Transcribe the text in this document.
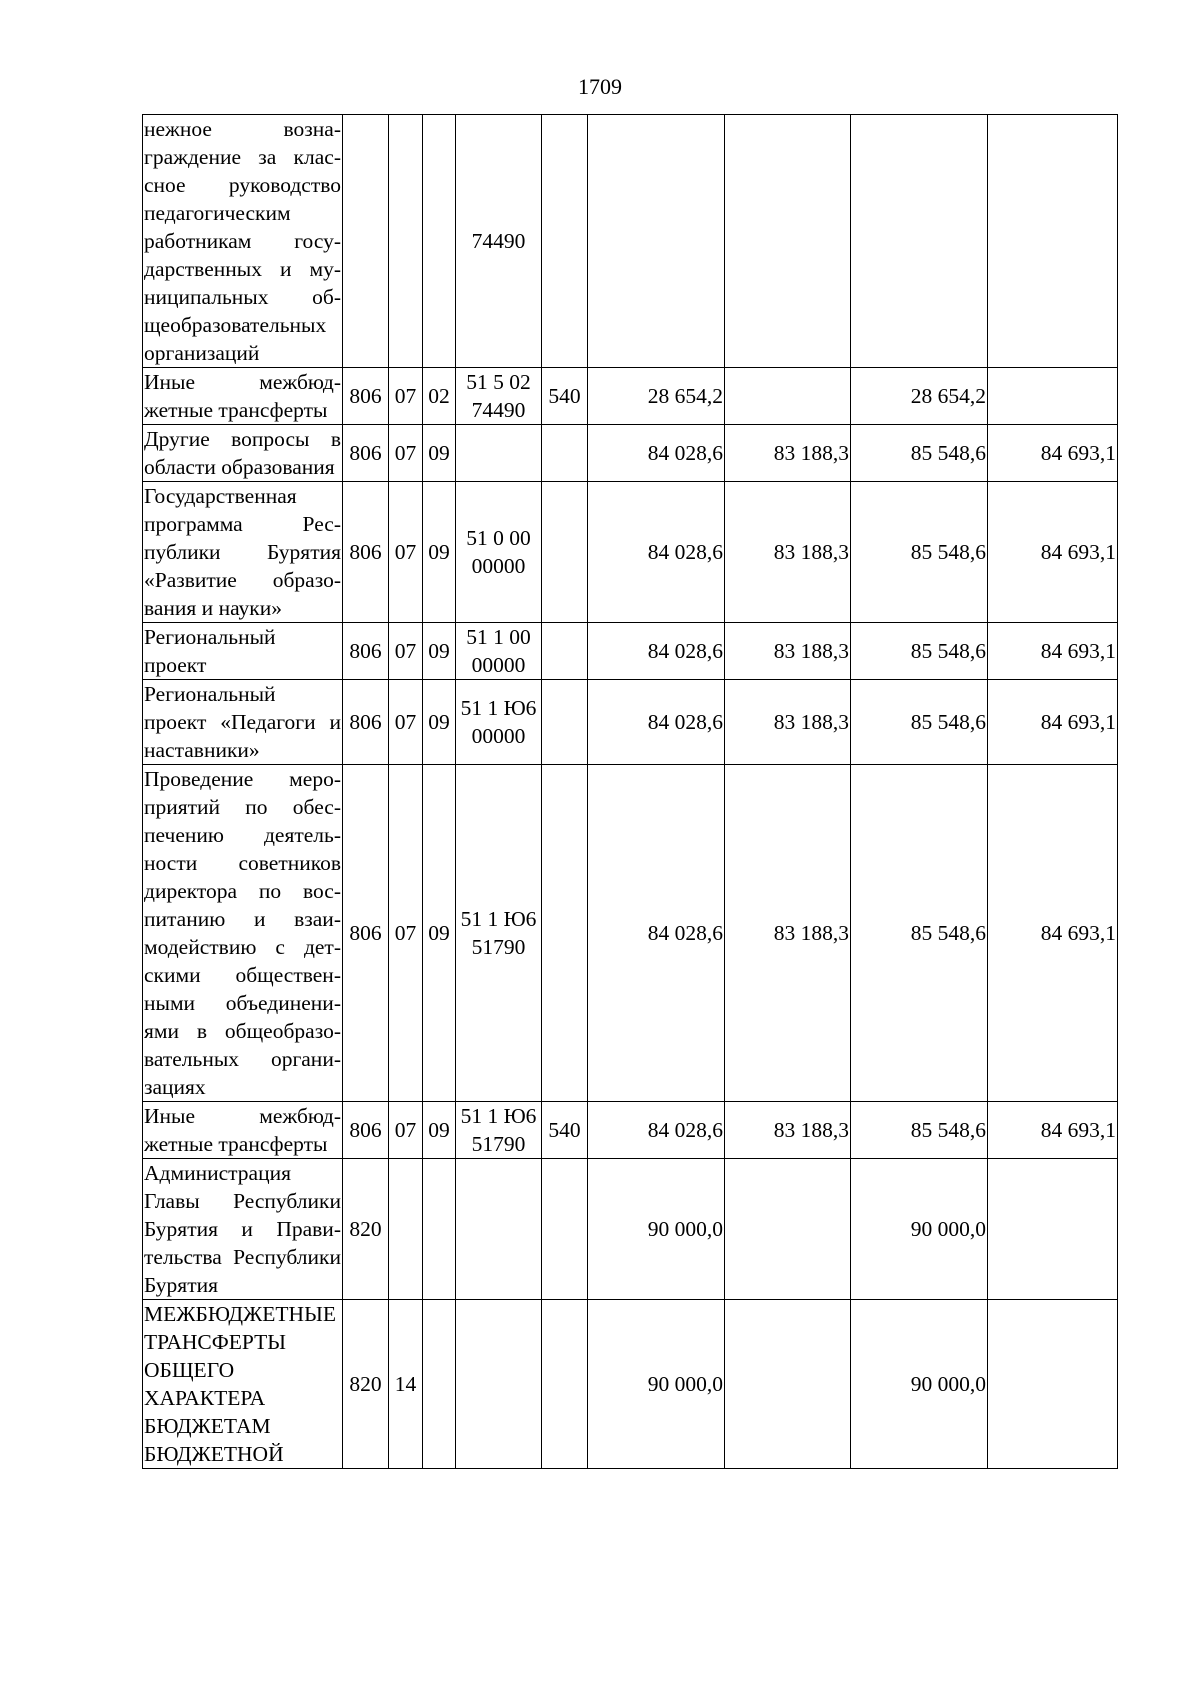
1709
нежное вознаграждение за классное руководство педагогическим работникам государственных и муниципальных общеобразовательных организаций				74490					
Иные межбюджетные трансферты	806	07	02	51 5 02 74490	540	28 654,2		28 654,2	
Другие вопросы в области образования	806	07	09			84 028,6	83 188,3	85 548,6	84 693,1
Государственная программа Республики Бурятия «Развитие образования и науки»	806	07	09	51 0 00 00000		84 028,6	83 188,3	85 548,6	84 693,1
Региональный проект	806	07	09	51 1 00 00000		84 028,6	83 188,3	85 548,6	84 693,1
Региональный проект «Педагоги и наставники»	806	07	09	51 1 Ю6 00000		84 028,6	83 188,3	85 548,6	84 693,1
Проведение мероприятий по обеспечению деятельности советников директора по воспитанию и взаимодействию с детскими общественными объединениями в общеобразовательных организациях	806	07	09	51 1 Ю6 51790		84 028,6	83 188,3	85 548,6	84 693,1
Иные межбюджетные трансферты	806	07	09	51 1 Ю6 51790	540	84 028,6	83 188,3	85 548,6	84 693,1
Администрация Главы Республики Бурятия и Правительства Республики Бурятия	820					90 000,0		90 000,0	
МЕЖБЮДЖЕТНЫЕ ТРАНСФЕРТЫ ОБЩЕГО ХАРАКТЕРА БЮДЖЕТАМ БЮДЖЕТНОЙ	820	14				90 000,0		90 000,0	
